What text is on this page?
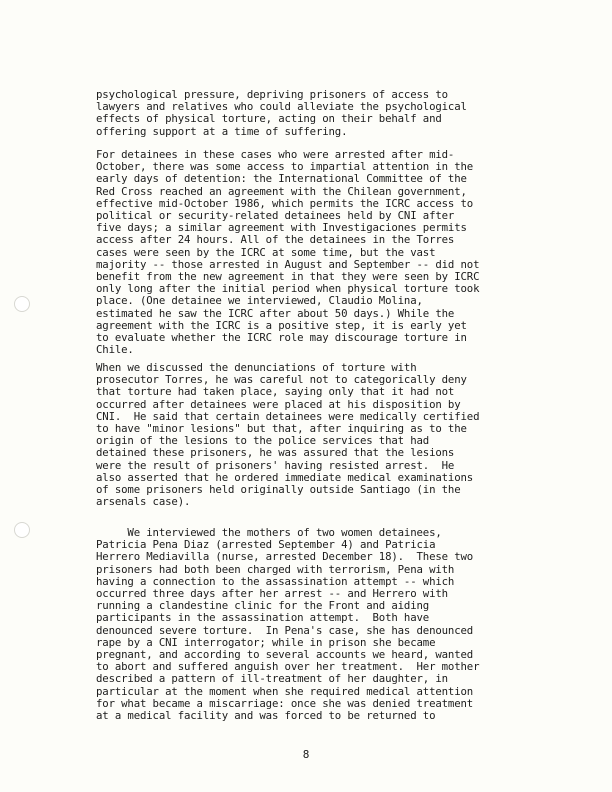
psychological pressure, depriving prisoners of access to
lawyers and relatives who could alleviate the psychological
effects of physical torture, acting on their behalf and
offering support at a time of suffering.

For detainees in these cases who were arrested after mid-
October, there was some access to impartial attention in the
early days of detention: the International Committee of the
Red Cross reached an agreement with the Chilean government,
effective mid-October 1986, which permits the ICRC access to
political or security-related detainees held by CNI after
five days; a similar agreement with Investigaciones permits
access after 24 hours. All of the detainees in the Torres
cases were seen by the ICRC at some time, but the vast
majority -- those arrested in August and September -- did not
benefit from the new agreement in that they were seen by ICRC
only long after the initial period when physical torture took
place. (One detainee we interviewed, Claudio Molina,
estimated he saw the ICRC after about 50 days.) While the
agreement with the ICRC is a positive step, it is early yet
to evaluate whether the ICRC role may discourage torture in
Chile.

When we discussed the denunciations of torture with
prosecutor Torres, he was careful not to categorically deny
that torture had taken place, saying only that it had not
occurred after detainees were placed at his disposition by
CNI.  He said that certain detainees were medically certified
to have "minor lesions" but that, after inquiring as to the
origin of the lesions to the police services that had
detained these prisoners, he was assured that the lesions
were the result of prisoners' having resisted arrest.  He
also asserted that he ordered immediate medical examinations
of some prisoners held originally outside Santiago (in the
arsenals case).

We interviewed the mothers of two women detainees,
Patricia Pena Diaz (arrested September 4) and Patricia
Herrero Mediavilla (nurse, arrested December 18).  These two
prisoners had both been charged with terrorism, Pena with
having a connection to the assassination attempt -- which
occurred three days after her arrest -- and Herrero with
running a clandestine clinic for the Front and aiding
participants in the assassination attempt.  Both have
denounced severe torture.  In Pena's case, she has denounced
rape by a CNI interrogator; while in prison she became
pregnant, and according to several accounts we heard, wanted
to abort and suffered anguish over her treatment.  Her mother
described a pattern of ill-treatment of her daughter, in
particular at the moment when she required medical attention
for what became a miscarriage: once she was denied treatment
at a medical facility and was forced to be returned to

8
